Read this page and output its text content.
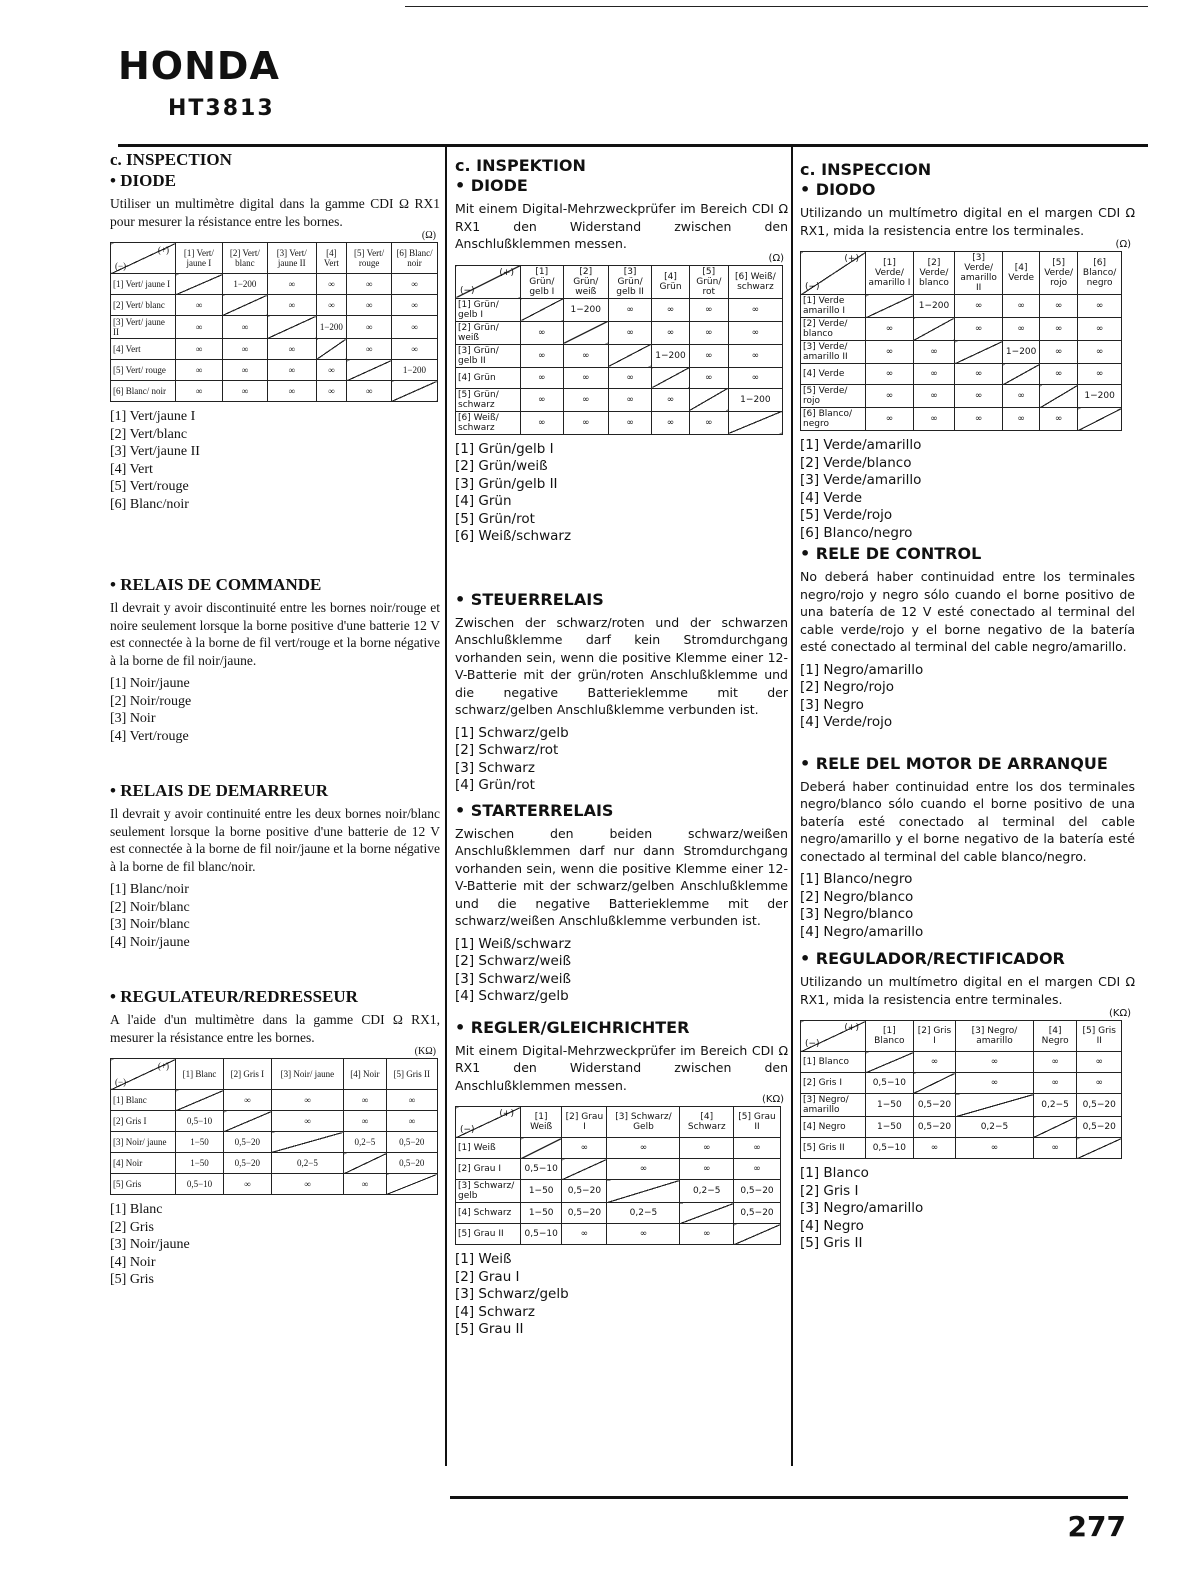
HONDA
HT3813
c. INSPECTION
• DIODE

Utiliser un multimètre digital dans la gamme CDI Ω RX1 pour mesurer la résistance entre les bornes.

(Ω)
(+)
(−)	[1] Vert/ jaune I	[2] Vert/ blanc	[3] Vert/ jaune II	[4] Vert	[5] Vert/ rouge	[6] Blanc/ noir
[1] Vert/ jaune I		1−200	∞	∞	∞	∞
[2] Vert/ blanc	∞		∞	∞	∞	∞
[3] Vert/ jaune II	∞	∞		1−200	∞	∞
[4] Vert	∞	∞	∞		∞	∞
[5] Vert/ rouge	∞	∞	∞	∞		1−200
[6] Blanc/ noir	∞	∞	∞	∞	∞	
[1] Vert/jaune I
[2] Vert/blanc
[3] Vert/jaune II
[4] Vert
[5] Vert/rouge
[6] Blanc/noir
• RELAIS DE COMMANDE

Il devrait y avoir discontinuité entre les bornes noir/rouge et noire seulement lorsque la borne positive d'une batterie 12 V est connectée à la borne de fil vert/rouge et la borne négative à la borne de fil noir/jaune.

[1] Noir/jaune
[2] Noir/rouge
[3] Noir
[4] Vert/rouge
• RELAIS DE DEMARREUR

Il devrait y avoir continuité entre les deux bornes noir/blanc seulement lorsque la borne positive d'une batterie de 12 V est connectée à la borne de fil noir/jaune et la borne négative à la borne de fil blanc/noir.

[1] Blanc/noir
[2] Noir/blanc
[3] Noir/blanc
[4] Noir/jaune
• REGULATEUR/REDRESSEUR

A l'aide d'un multimètre dans la gamme CDI Ω RX1, mesurer la résistance entre les bornes.

(KΩ)
(+)
(−)	[1] Blanc	[2] Gris I	[3] Noir/ jaune	[4] Noir	[5] Gris II
[1] Blanc		∞	∞	∞	∞
[2] Gris I	0,5−10		∞	∞	∞
[3] Noir/ jaune	1−50	0,5−20		0,2−5	0,5−20
[4] Noir	1−50	0,5−20	0,2−5		0,5−20
[5] Gris	0,5−10	∞	∞	∞	
[1] Blanc
[2] Gris
[3] Noir/jaune
[4] Noir
[5] Gris
c. INSPEKTION
• DIODE

Mit einem Digital-Mehrzweckprüfer im Bereich CDI Ω RX1 den Widerstand zwischen den Anschlußklemmen messen.

(Ω)
(+)
(−)	[1] Grün/ gelb I	[2] Grün/ weiß	[3] Grün/ gelb II	[4] Grün	[5] Grün/ rot	[6] Weiß/ schwarz
[1] Grün/ gelb I		1−200	∞	∞	∞	∞
[2] Grün/ weiß	∞		∞	∞	∞	∞
[3] Grün/ gelb II	∞	∞		1−200	∞	∞
[4] Grün	∞	∞	∞		∞	∞
[5] Grün/ schwarz	∞	∞	∞	∞		1−200
[6] Weiß/ schwarz	∞	∞	∞	∞	∞	
[1] Grün/gelb I
[2] Grün/weiß
[3] Grün/gelb II
[4] Grün
[5] Grün/rot
[6] Weiß/schwarz
• STEUERRELAIS

Zwischen der schwarz/roten und der schwarzen Anschlußklemme darf kein Stromdurchgang vorhanden sein, wenn die positive Klemme einer 12-V-Batterie mit der grün/roten Anschlußklemme und die negative Batterieklemme mit der schwarz/gelben Anschlußklemme verbunden ist.

[1] Schwarz/gelb
[2] Schwarz/rot
[3] Schwarz
[4] Grün/rot
• STARTERRELAIS

Zwischen den beiden schwarz/weißen Anschlußklemmen darf nur dann Stromdurchgang vorhanden sein, wenn die positive Klemme einer 12-V-Batterie mit der schwarz/gelben Anschlußklemme und die negative Batterieklemme mit der schwarz/weißen Anschlußklemme verbunden ist.

[1] Weiß/schwarz
[2] Schwarz/weiß
[3] Schwarz/weiß
[4] Schwarz/gelb
• REGLER/GLEICHRICHTER

Mit einem Digital-Mehrzweckprüfer im Bereich CDI Ω RX1 den Widerstand zwischen den Anschlußklemmen messen.

(KΩ)
(+)
(−)	[1] Weiß	[2] Grau I	[3] Schwarz/ Gelb	[4] Schwarz	[5] Grau II
[1] Weiß		∞	∞	∞	∞
[2] Grau I	0,5−10		∞	∞	∞
[3] Schwarz/ gelb	1−50	0,5−20		0,2−5	0,5−20
[4] Schwarz	1−50	0,5−20	0,2−5		0,5−20
[5] Grau II	0,5−10	∞	∞	∞	
[1] Weiß
[2] Grau I
[3] Schwarz/gelb
[4] Schwarz
[5] Grau II
c. INSPECCION
• DIODO

Utilizando un multímetro digital en el margen CDI Ω RX1, mida la resistencia entre los terminales.

(Ω)
(+)
(−)	[1] Verde/ amarillo I	[2] Verde/ blanco	[3] Verde/ amarillo II	[4] Verde	[5] Verde/ rojo	[6] Blanco/ negro
[1] Verde amarillo I		1−200	∞	∞	∞	∞
[2] Verde/ blanco	∞		∞	∞	∞	∞
[3] Verde/ amarillo II	∞	∞		1−200	∞	∞
[4] Verde	∞	∞	∞		∞	∞
[5] Verde/ rojo	∞	∞	∞	∞		1−200
[6] Blanco/ negro	∞	∞	∞	∞	∞	
[1] Verde/amarillo
[2] Verde/blanco
[3] Verde/amarillo
[4] Verde
[5] Verde/rojo
[6] Blanco/negro
• RELE DE CONTROL

No deberá haber continuidad entre los terminales negro/rojo y negro sólo cuando el borne positivo de una batería de 12 V esté conectado al terminal del cable verde/rojo y el borne negativo de la batería esté conectado al terminal del cable negro/amarillo.

[1] Negro/amarillo
[2] Negro/rojo
[3] Negro
[4] Verde/rojo
• RELE DEL MOTOR DE ARRANQUE

Deberá haber continuidad entre los dos terminales negro/blanco sólo cuando el borne positivo de una batería esté conectado al terminal del cable negro/amarillo y el borne negativo de la batería esté conectado al terminal del cable blanco/negro.

[1] Blanco/negro
[2] Negro/blanco
[3] Negro/blanco
[4] Negro/amarillo
• REGULADOR/RECTIFICADOR

Utilizando un multímetro digital en el margen CDI Ω RX1, mida la resistencia entre terminales.

(KΩ)
(+)
(−)	[1] Blanco	[2] Gris I	[3] Negro/ amarillo	[4] Negro	[5] Gris II
[1] Blanco		∞	∞	∞	∞
[2] Gris I	0,5−10		∞	∞	∞
[3] Negro/ amarillo	1−50	0,5−20		0,2−5	0,5−20
[4] Negro	1−50	0,5−20	0,2−5		0,5−20
[5] Gris II	0,5−10	∞	∞	∞	
[1] Blanco
[2] Gris I
[3] Negro/amarillo
[4] Negro
[5] Gris II
277
